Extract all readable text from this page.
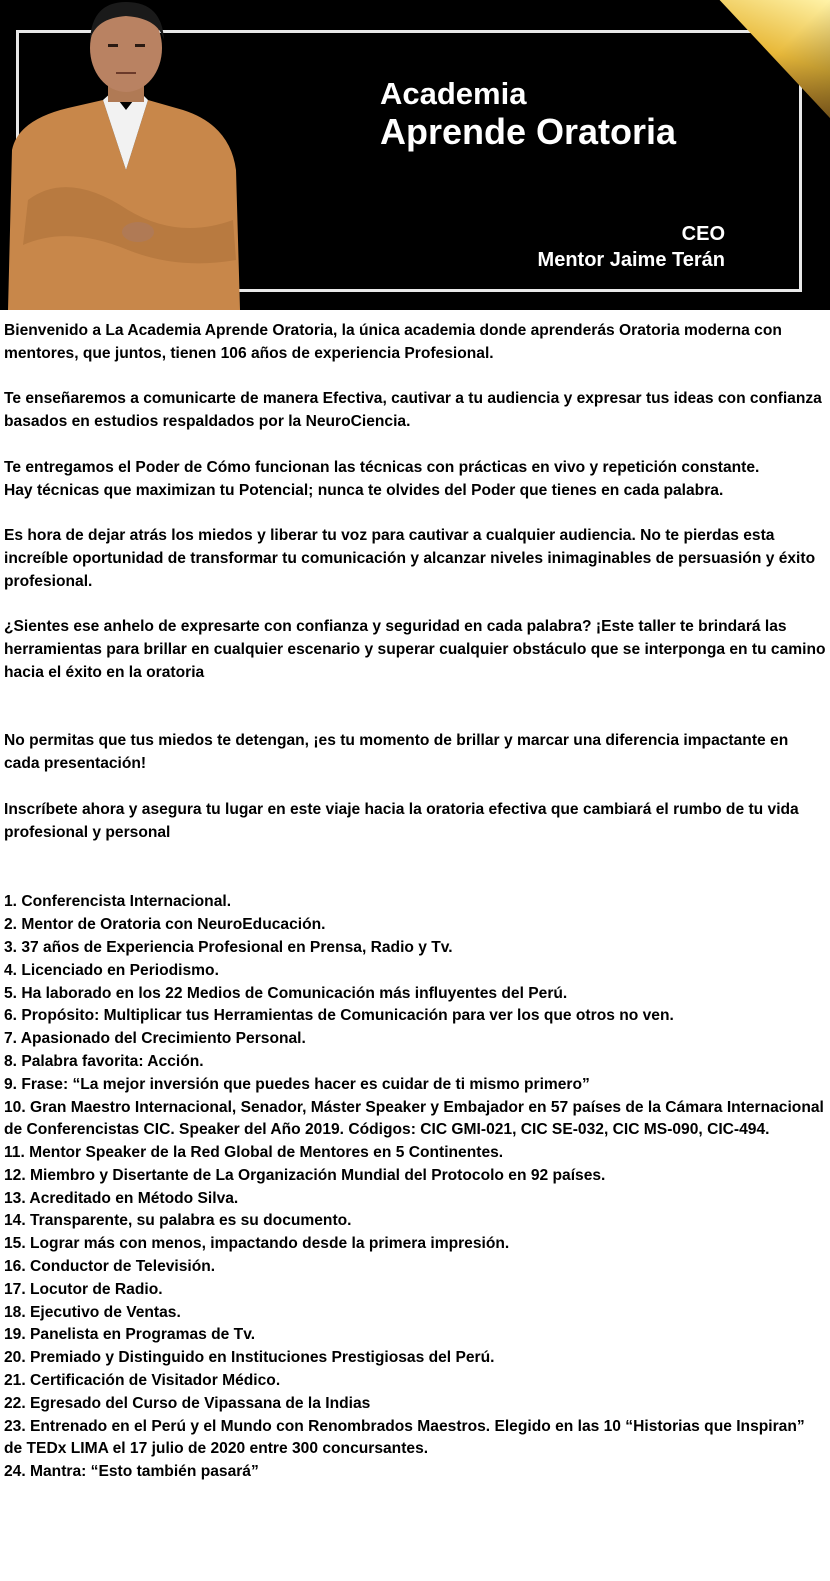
Academia
Aprende Oratoria
CEO
Mentor Jaime Terán

Bienvenido a La Academia Aprende Oratoria, la única academia donde aprenderás Oratoria moderna con mentores, que juntos, tienen 106 años de experiencia Profesional.

Te enseñaremos a comunicarte de manera Efectiva, cautivar a tu audiencia y expresar tus ideas con confianza basados en estudios respaldados por la NeuroCiencia.

Te entregamos el Poder de Cómo funcionan las técnicas con prácticas en vivo y repetición constante.

Hay técnicas que maximizan tu Potencial; nunca te olvides del Poder que tienes en cada palabra.

Es hora de dejar atrás los miedos y liberar tu voz para cautivar a cualquier audiencia. No te pierdas esta increíble oportunidad de transformar tu comunicación y alcanzar niveles inimaginables de persuasión y éxito profesional.

¿Sientes ese anhelo de expresarte con confianza y seguridad en cada palabra? ¡Este taller te brindará las herramientas para brillar en cualquier escenario y superar cualquier obstáculo que se interponga en tu camino hacia el éxito en la oratoria

No permitas que tus miedos te detengan, ¡es tu momento de brillar y marcar una diferencia impactante en cada presentación!

Inscríbete ahora y asegura tu lugar en este viaje hacia la oratoria efectiva que cambiará el rumbo de tu vida profesional y personal

1. Conferencista Internacional.
2. Mentor de Oratoria con NeuroEducación.
3. 37 años de Experiencia Profesional en Prensa, Radio y Tv.
4. Licenciado en Periodismo.
5. Ha laborado en los 22 Medios de Comunicación más influyentes del Perú.
6. Propósito: Multiplicar tus Herramientas de Comunicación para ver los que otros no ven.
7. Apasionado del Crecimiento Personal.
8. Palabra favorita: Acción.
9. Frase: “La mejor inversión que puedes hacer es cuidar de ti mismo primero”
10. Gran Maestro Internacional, Senador, Máster Speaker y Embajador en 57 países de la Cámara Internacional de Conferencistas CIC. Speaker del Año 2019. Códigos: CIC GMI-021, CIC SE-032, CIC MS-090, CIC-494.
11. Mentor Speaker de la Red Global de Mentores en 5 Continentes.
12. Miembro y Disertante de La Organización Mundial del Protocolo en 92 países.
13. Acreditado en Método Silva.
14. Transparente, su palabra es su documento.
15. Lograr más con menos, impactando desde la primera impresión.
16. Conductor de Televisión.
17. Locutor de Radio.
18. Ejecutivo de Ventas.
19. Panelista en Programas de Tv.
20. Premiado y Distinguido en Instituciones Prestigiosas del Perú.
21. Certificación de Visitador Médico.
22. Egresado del Curso de Vipassana de la Indias
23. Entrenado en el Perú y el Mundo con Renombrados Maestros. Elegido en las 10 “Historias que Inspiran” de TEDx LIMA el 17 julio de 2020 entre 300 concursantes.
24. Mantra: “Esto también pasará”
